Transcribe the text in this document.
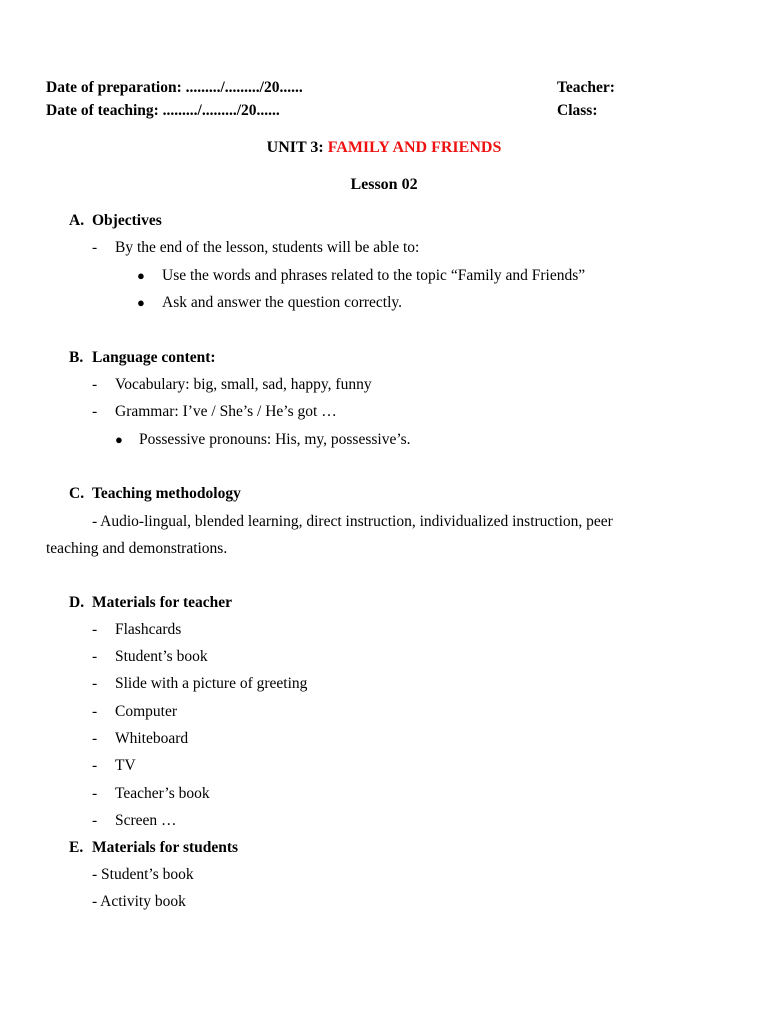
Date of preparation: ........./........./20......
Date of teaching: ........./........./20......
Teacher:
Class:
UNIT 3: FAMILY AND FRIENDS
Lesson 02
A. Objectives
- By the end of the lesson, students will be able to:
● Use the words and phrases related to the topic “Family and Friends”
● Ask and answer the question correctly.
B. Language content:
- Vocabulary: big, small, sad, happy, funny
- Grammar: I’ve / She’s / He’s got …
● Possessive pronouns: His, my, possessive’s.
C. Teaching methodology
- Audio-lingual, blended learning, direct instruction, individualized instruction, peer
teaching and demonstrations.
D. Materials for teacher
- Flashcards
- Student’s book
- Slide with a picture of greeting
- Computer
- Whiteboard
- TV
- Teacher’s book
- Screen …
E. Materials for students
- Student’s book
- Activity book
